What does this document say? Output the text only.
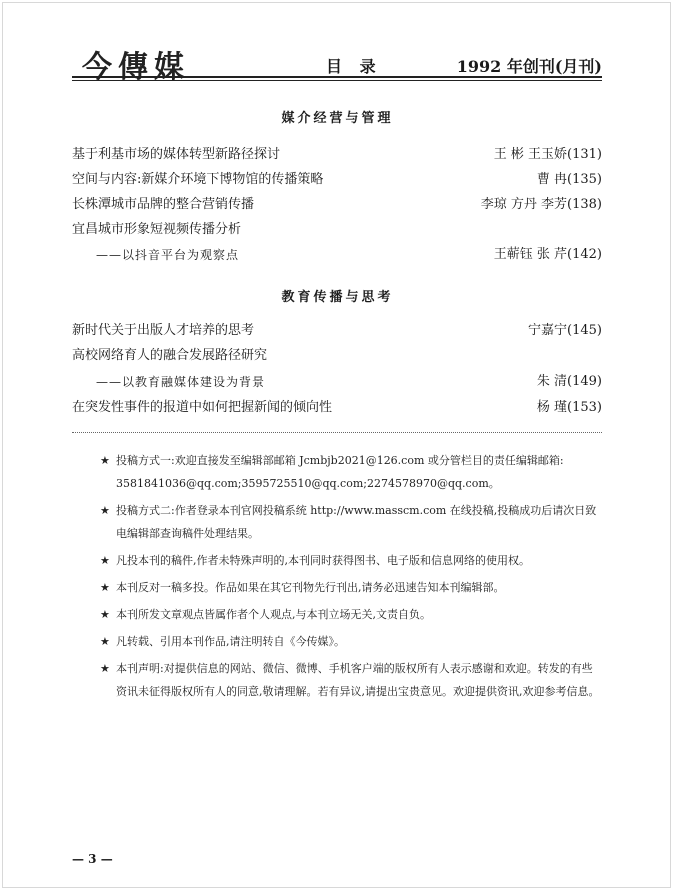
今傳媒	目 录	1992 年创刊(月刊)
媒介经营与管理
基于利基市场的媒体转型新路径探讨	王 彬 王玉娇(131)
空间与内容:新媒介环境下博物馆的传播策略	曹 冉(135)
长株潭城市品牌的整合营销传播	李琼 方丹 李芳(138)
宜昌城市形象短视频传播分析
——以抖音平台为观察点	王蕲钰 张 芹(142)
教育传播与思考
新时代关于出版人才培养的思考	宁嘉宁(145)
高校网络育人的融合发展路径研究
——以教育融媒体建设为背景	朱 清(149)
在突发性事件的报道中如何把握新闻的倾向性	杨 瑾(153)
★ 投稿方式一:欢迎直接发至编辑部邮箱 Jcmbjb2021@126.com 或分管栏目的责任编辑邮箱: 3581841036@qq.com;3595725510@qq.com;2274578970@qq.com。
★ 投稿方式二:作者登录本刊官网投稿系统 http://www.masscm.com 在线投稿,投稿成功后请次日致电编辑部查询稿件处理结果。
★ 凡投本刊的稿件,作者未特殊声明的,本刊同时获得图书、电子版和信息网络的使用权。
★ 本刊反对一稿多投。作品如果在其它刊物先行刊出,请务必迅速告知本刊编辑部。
★ 本刊所发文章观点皆属作者个人观点,与本刊立场无关,文责自负。
★ 凡转载、引用本刊作品,请注明转自《今传媒》。
★ 本刊声明:对提供信息的网站、微信、微博、手机客户端的版权所有人表示感谢和欢迎。转发的有些资讯未征得版权所有人的同意,敬请理解。若有异议,请提出宝贵意见。欢迎提供资讯,欢迎参考信息。
— 3 —
